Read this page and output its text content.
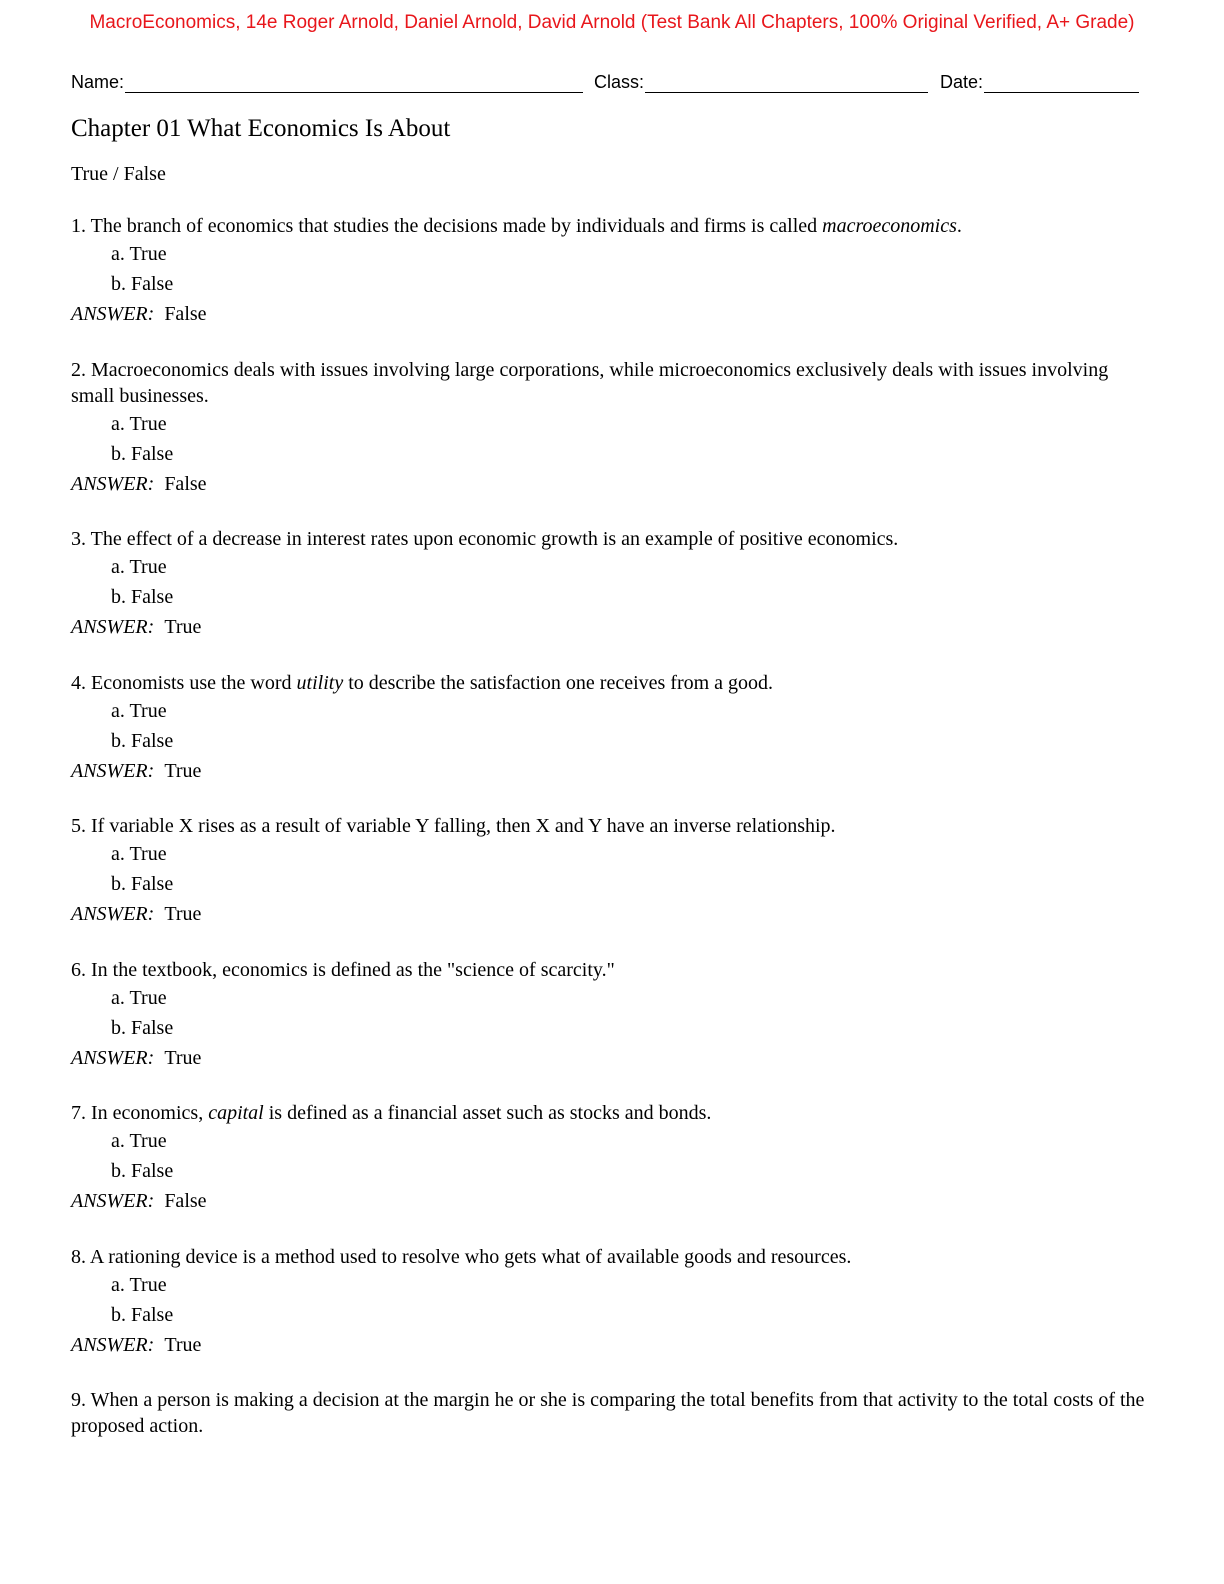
MacroEconomics, 14e Roger Arnold, Daniel Arnold, David Arnold (Test Bank All Chapters, 100% Original Verified, A+ Grade)
Name:	Class:	Date:
Chapter 01 What Economics Is About
True / False

1. The branch of economics that studies the decisions made by individuals and firms is called macroeconomics.

a. True

b. False

ANSWER: False

2. Macroeconomics deals with issues involving large corporations, while microeconomics exclusively deals with issues involving small businesses.

a. True

b. False

ANSWER: False

3. The effect of a decrease in interest rates upon economic growth is an example of positive economics.

a. True

b. False

ANSWER: True

4. Economists use the word utility to describe the satisfaction one receives from a good.

a. True

b. False

ANSWER: True

5. If variable X rises as a result of variable Y falling, then X and Y have an inverse relationship.

a. True

b. False

ANSWER: True

6. In the textbook, economics is defined as the "science of scarcity."

a. True

b. False

ANSWER: True

7. In economics, capital is defined as a financial asset such as stocks and bonds.

a. True

b. False

ANSWER: False

8. A rationing device is a method used to resolve who gets what of available goods and resources.

a. True

b. False

ANSWER: True

9. When a person is making a decision at the margin he or she is comparing the total benefits from that activity to the total costs of the proposed action.
